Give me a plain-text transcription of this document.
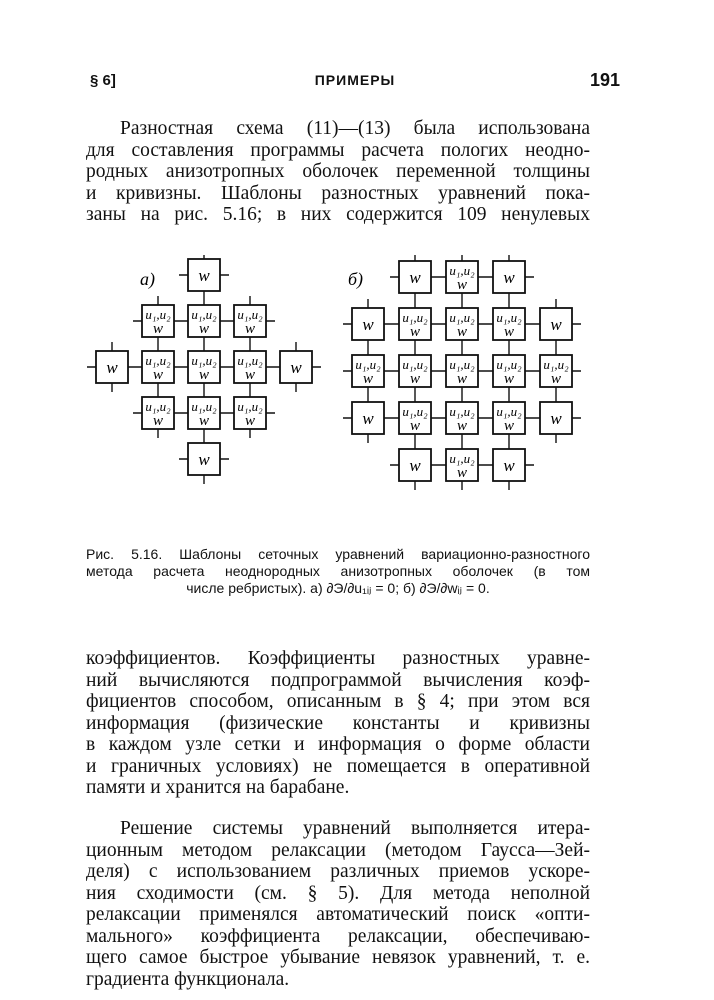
§ 6]	ПРИМЕРЫ	191

Разностная схема (11)—(13) была использована
для составления программы расчета пологих неодно-
родных анизотропных оболочек переменной толщины
и кривизны. Шаблоны разностных уравнений пока-
заны на рис. 5.16; в них содержится 109 ненулевых

w
u₁,u₂
w
u₁,u₂
w
u₁,u₂
w
w u₁,u₂
w
u₁,u₂
w
u₁,u₂
w w
u₁,u₂
w
u₁,u₂
w
u₁,u₂
w
w
w u₁,u₂
w w
w u₁,u₂
w
u₁,u₂
w
u₁,u₂
w w
u₁,u₂
w
u₁,u₂
w
u₁,u₂
w
u₁,u₂
w
u₁,u₂
w
w u₁,u₂
w
u₁,u₂
w
u₁,u₂
w w
w u₁,u₂
w w
а)	б)

Рис. 5.16. Шаблоны сеточных уравнений вариационно-разностного
метода расчета неоднородных анизотропных оболочек (в том
числе ребристых). а) ∂Э/∂u₁ᵢⱼ = 0; б) ∂Э/∂wᵢⱼ = 0.

коэффициентов. Коэффициенты разностных уравне-
ний вычисляются подпрограммой вычисления коэф-
фициентов способом, описанным в § 4; при этом вся
информация (физические константы и кривизны
в каждом узле сетки и информация о форме области
и граничных условиях) не помещается в оперативной
памяти и хранится на барабане.

Решение системы уравнений выполняется итера-
ционным методом релаксации (методом Гаусса—Зей-
деля) с использованием различных приемов ускоре-
ния сходимости (см. § 5). Для метода неполной
релаксации применялся автоматический поиск «опти-
мального» коэффициента релаксации, обеспечиваю-
щего самое быстрое убывание невязок уравнений, т. е.
градиента функционала.
